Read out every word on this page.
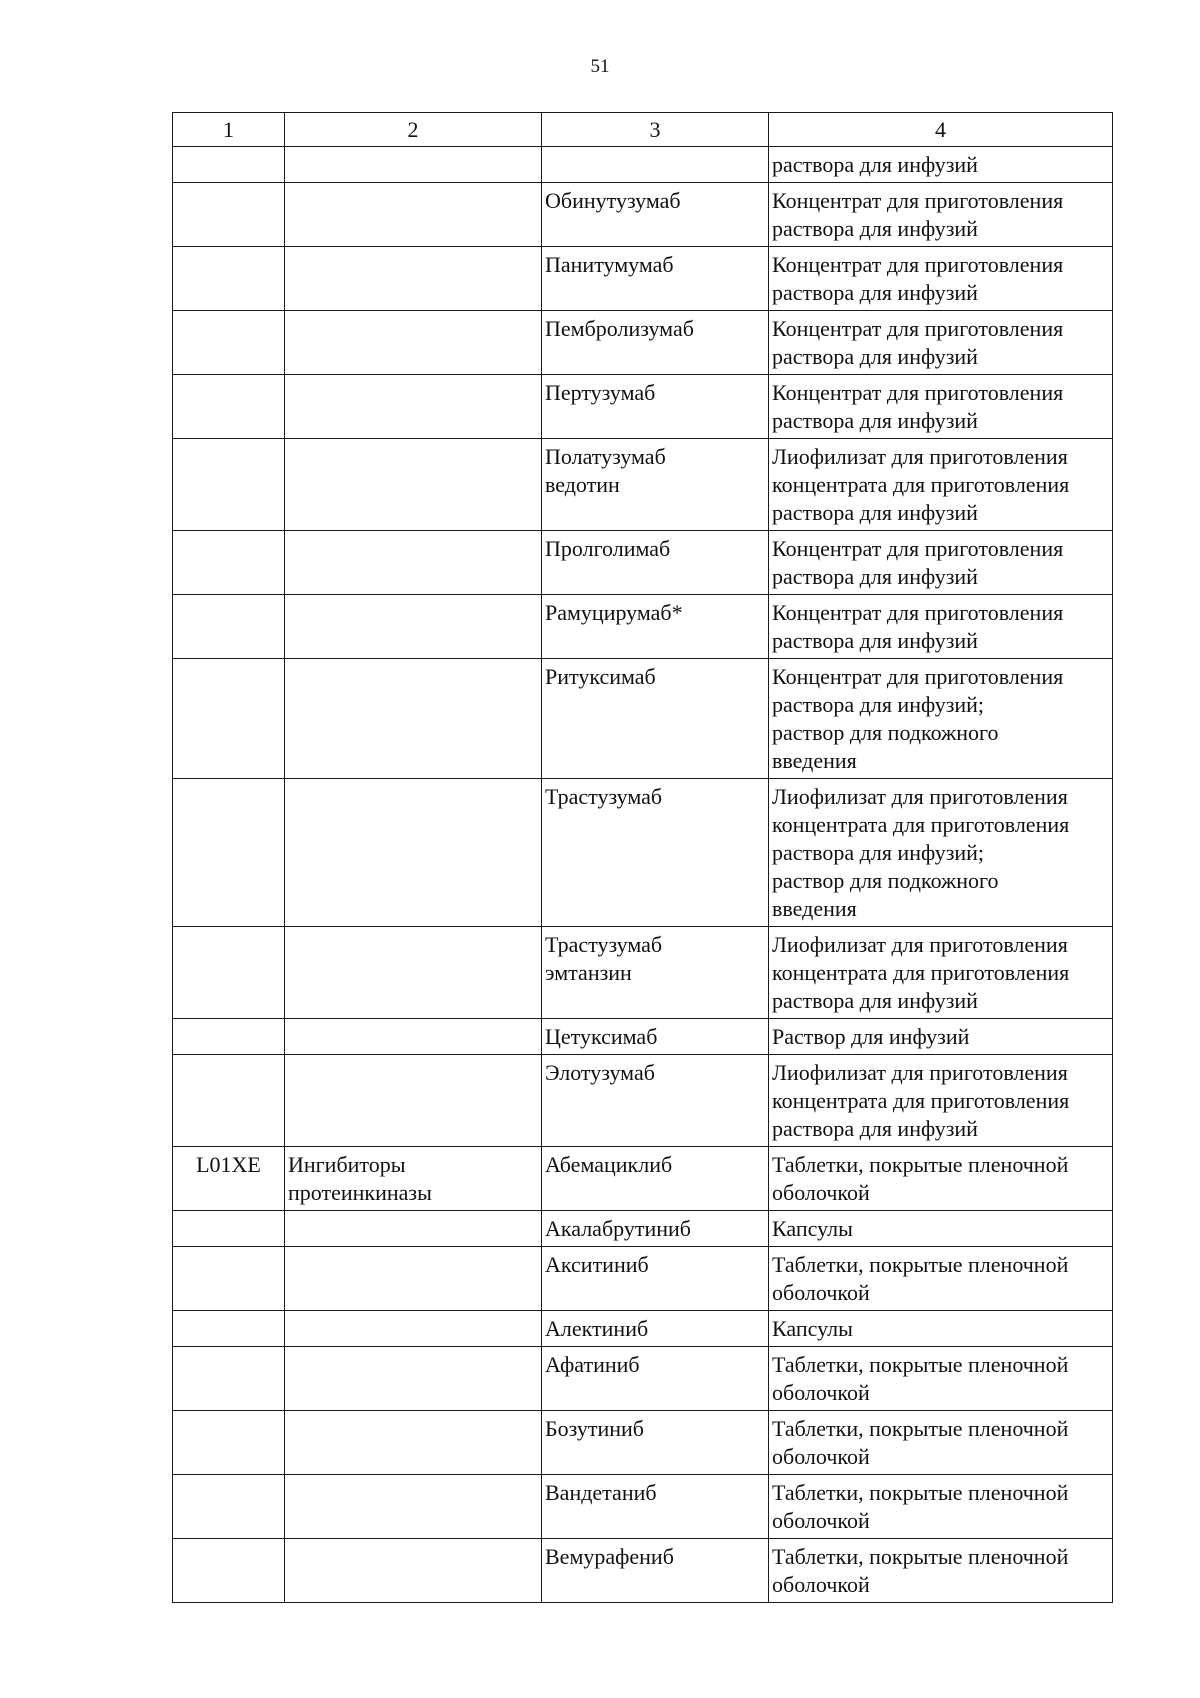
51
1	2	3	4
			раствора для инфузий
		Обинутузумаб	Концентрат для приготовления
раствора для инфузий
		Панитумумаб	Концентрат для приготовления
раствора для инфузий
		Пембролизумаб	Концентрат для приготовления
раствора для инфузий
		Пертузумаб	Концентрат для приготовления
раствора для инфузий
		Полатузумаб
ведотин	Лиофилизат для приготовления
концентрата для приготовления
раствора для инфузий
		Пролголимаб	Концентрат для приготовления
раствора для инфузий
		Рамуцирумаб*	Концентрат для приготовления
раствора для инфузий
		Ритуксимаб	Концентрат для приготовления
раствора для инфузий;
раствор для подкожного
введения
		Трастузумаб	Лиофилизат для приготовления
концентрата для приготовления
раствора для инфузий;
раствор для подкожного
введения
		Трастузумаб
эмтанзин	Лиофилизат для приготовления
концентрата для приготовления
раствора для инфузий
		Цетуксимаб	Раствор для инфузий
		Элотузумаб	Лиофилизат для приготовления
концентрата для приготовления
раствора для инфузий
L01XE	Ингибиторы
протеинкиназы	Абемациклиб	Таблетки, покрытые пленочной
оболочкой
		Акалабрутиниб	Капсулы
		Акситиниб	Таблетки, покрытые пленочной
оболочкой
		Алектиниб	Капсулы
		Афатиниб	Таблетки, покрытые пленочной
оболочкой
		Бозутиниб	Таблетки, покрытые пленочной
оболочкой
		Вандетаниб	Таблетки, покрытые пленочной
оболочкой
		Вемурафениб	Таблетки, покрытые пленочной
оболочкой
